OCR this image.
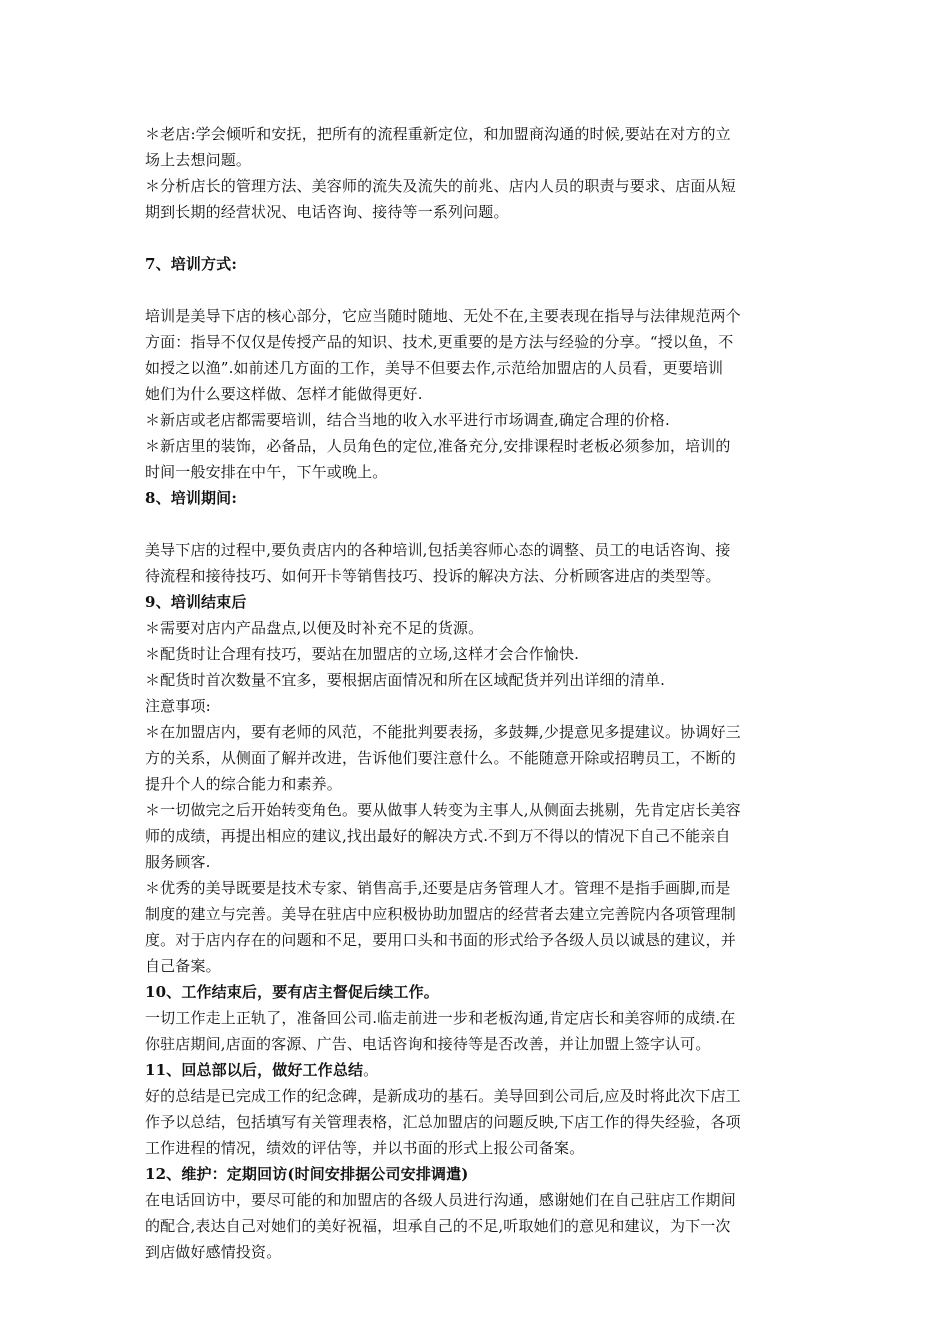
＊老店:学会倾听和安抚，把所有的流程重新定位，和加盟商沟通的时候,要站在对方的立
场上去想问题。
＊分析店长的管理方法、美容师的流失及流失的前兆、店内人员的职责与要求、店面从短
期到长期的经营状况、电话咨询、接待等一系列问题。
7、培训方式:
培训是美导下店的核心部分，它应当随时随地、无处不在,主要表现在指导与法律规范两个
方面：指导不仅仅是传授产品的知识、技术,更重要的是方法与经验的分享。“授以鱼，不
如授之以渔”.如前述几方面的工作，美导不但要去作,示范给加盟店的人员看，更要培训
她们为什么要这样做、怎样才能做得更好.
＊新店或老店都需要培训，结合当地的收入水平进行市场调查,确定合理的价格.
＊新店里的装饰，必备品，人员角色的定位,准备充分,安排课程时老板必须参加，培训的
时间一般安排在中午，下午或晚上。
8、培训期间:
美导下店的过程中,要负责店内的各种培训,包括美容师心态的调整、员工的电话咨询、接
待流程和接待技巧、如何开卡等销售技巧、投诉的解决方法、分析顾客进店的类型等。
9、培训结束后
＊需要对店内产品盘点,以便及时补充不足的货源。
＊配货时让合理有技巧，要站在加盟店的立场,这样才会合作愉快.
＊配货时首次数量不宜多，要根据店面情况和所在区域配货并列出详细的清单.
注意事项:
＊在加盟店内，要有老师的风范，不能批判要表扬，多鼓舞,少提意见多提建议。协调好三
方的关系，从侧面了解并改进，告诉他们要注意什么。不能随意开除或招聘员工，不断的
提升个人的综合能力和素养。
＊一切做完之后开始转变角色。要从做事人转变为主事人,从侧面去挑剔，先肯定店长美容
师的成绩，再提出相应的建议,找出最好的解决方式.不到万不得以的情况下自己不能亲自
服务顾客.
＊优秀的美导既要是技术专家、销售高手,还要是店务管理人才。管理不是指手画脚,而是
制度的建立与完善。美导在驻店中应积极协助加盟店的经营者去建立完善院内各项管理制
度。对于店内存在的问题和不足，要用口头和书面的形式给予各级人员以诚恳的建议，并
自己备案。
10、工作结束后，要有店主督促后续工作。
一切工作走上正轨了，准备回公司.临走前进一步和老板沟通,肯定店长和美容师的成绩.在
你驻店期间,店面的客源、广告、电话咨询和接待等是否改善，并让加盟上签字认可。
11、回总部以后，做好工作总结。
好的总结是已完成工作的纪念碑，是新成功的基石。美导回到公司后,应及时将此次下店工
作予以总结，包括填写有关管理表格，汇总加盟店的问题反映,下店工作的得失经验，各项
工作进程的情况，绩效的评估等，并以书面的形式上报公司备案。
12、维护：定期回访(时间安排据公司安排调遣)
在电话回访中，要尽可能的和加盟店的各级人员进行沟通，感谢她们在自己驻店工作期间
的配合,表达自己对她们的美好祝福，坦承自己的不足,听取她们的意见和建议，为下一次
到店做好感情投资。
